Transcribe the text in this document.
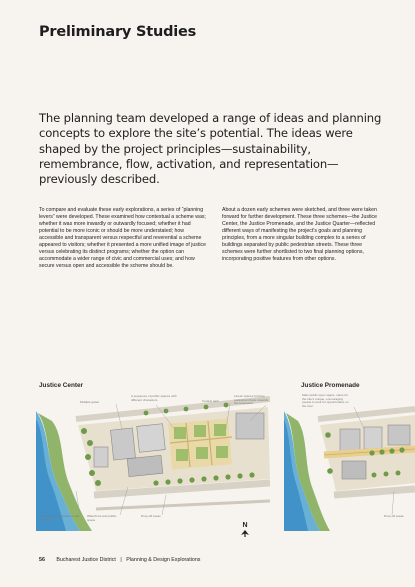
Preliminary Studies

The planning team developed a range of ideas and planning concepts to explore the site’s potential. The ideas were shaped by the project principles—sustainability, remembrance, flow, activation, and representation—previously described.

To compare and evaluate these early explorations, a series of “planning levers” were developed. These examined how contextual a scheme was; whether it was more inwardly or outwardly focused; whether it had potential to be more iconic or should be more understated; how accessible and transparent versus respectful and reverential a scheme appeared to visitors; whether it presented a more unified image of justice versus celebrating its distinct programs; whether the option can accommodate a wider range of civic and commercial uses; and how secure versus open and accessible the scheme should be.

About a dozen early schemes were sketched, and three were taken forward for further development. These three schemes—the Justice Center, the Justice Promenade, and the Justice Quarter—reflected different ways of manifesting the project’s goals and planning principles, from a more singular building complex to a series of buildings separated by public pedestrian streets. These three schemes were further shortlisted to two final planning options, incorporating positive features from other options.

Justice Center	Justice Promenade

Multiple gates

A sequence of public spaces with different characters	Central park

Linear spaces forming pedestrian flows towards the boulevard

Pedestrian connection to the riverfront

Waterfront and public space

Drop-off areas

Main public open space, spine for the site's unique, encouraging people to look for opportunities on the river

Drop-off areas

N
56 Bucharest Justice District | Planning & Design Explorations
